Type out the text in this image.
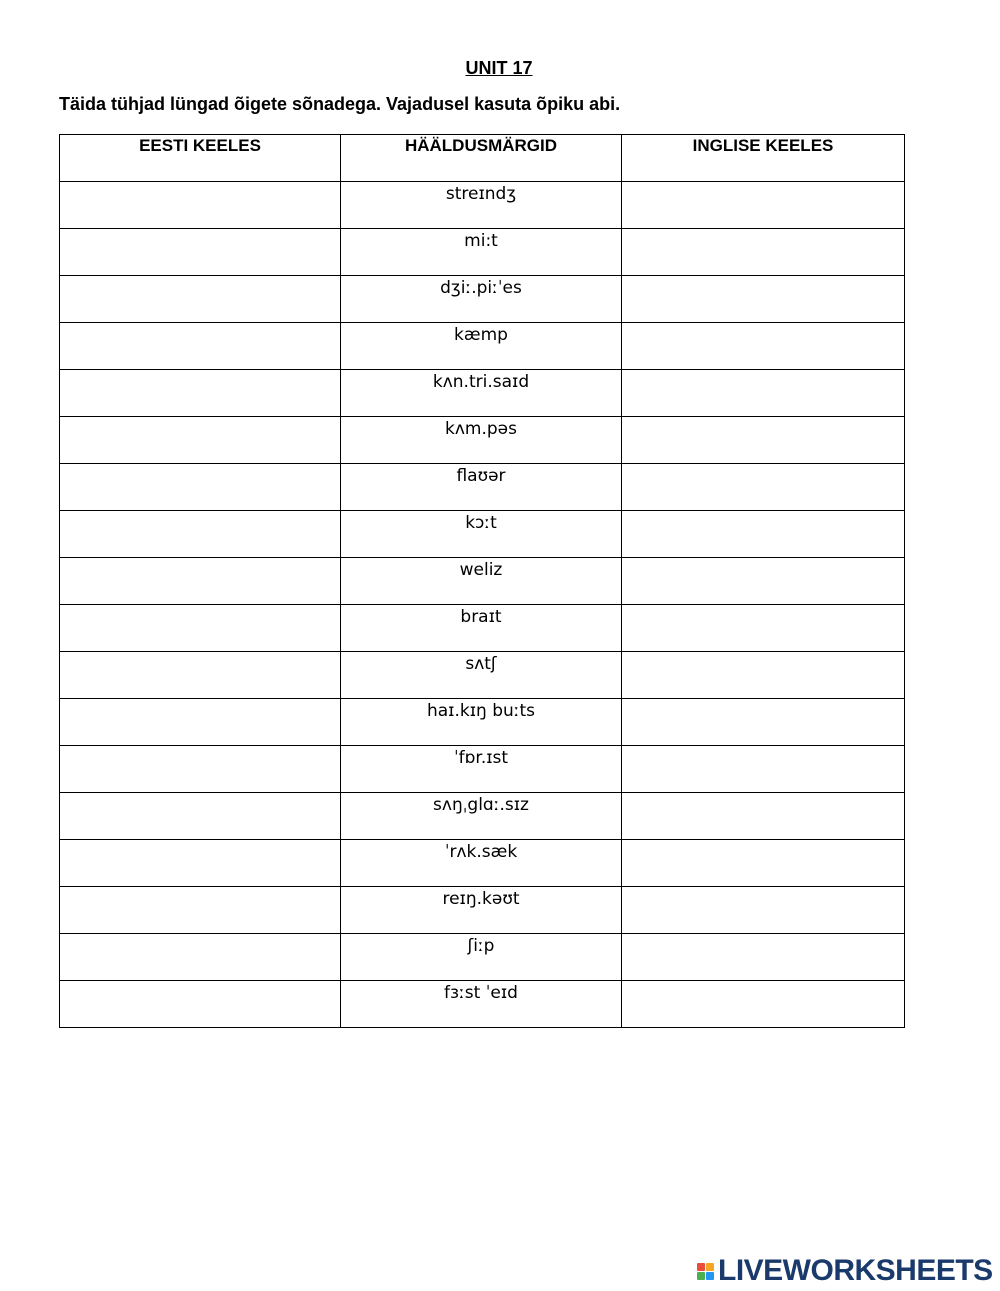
UNIT 17
Täida tühjad lüngad õigete sõnadega. Vajadusel kasuta õpiku abi.
EESTI KEELES	HÄÄLDUSMÄRGID	INGLISE KEELES

	streɪndʒ	

	mi:t	

	dʒiː.piːˈes	

	kæmp	

	kʌn.tri.saɪd	

	kʌm.pəs	

	flaʊər	

	kɔːt	

	weliz	

	braɪt	

	sʌtʃ	

	haɪ.kɪŋ buːts	

	ˈfɒr.ɪst	

	sʌŋˌglɑː.sɪz	

	ˈrʌk.sæk	

	reɪŋ.kəʊt	

	ʃiːp	

	fɜːst ˈeɪd	

LIVEWORKSHEETS
